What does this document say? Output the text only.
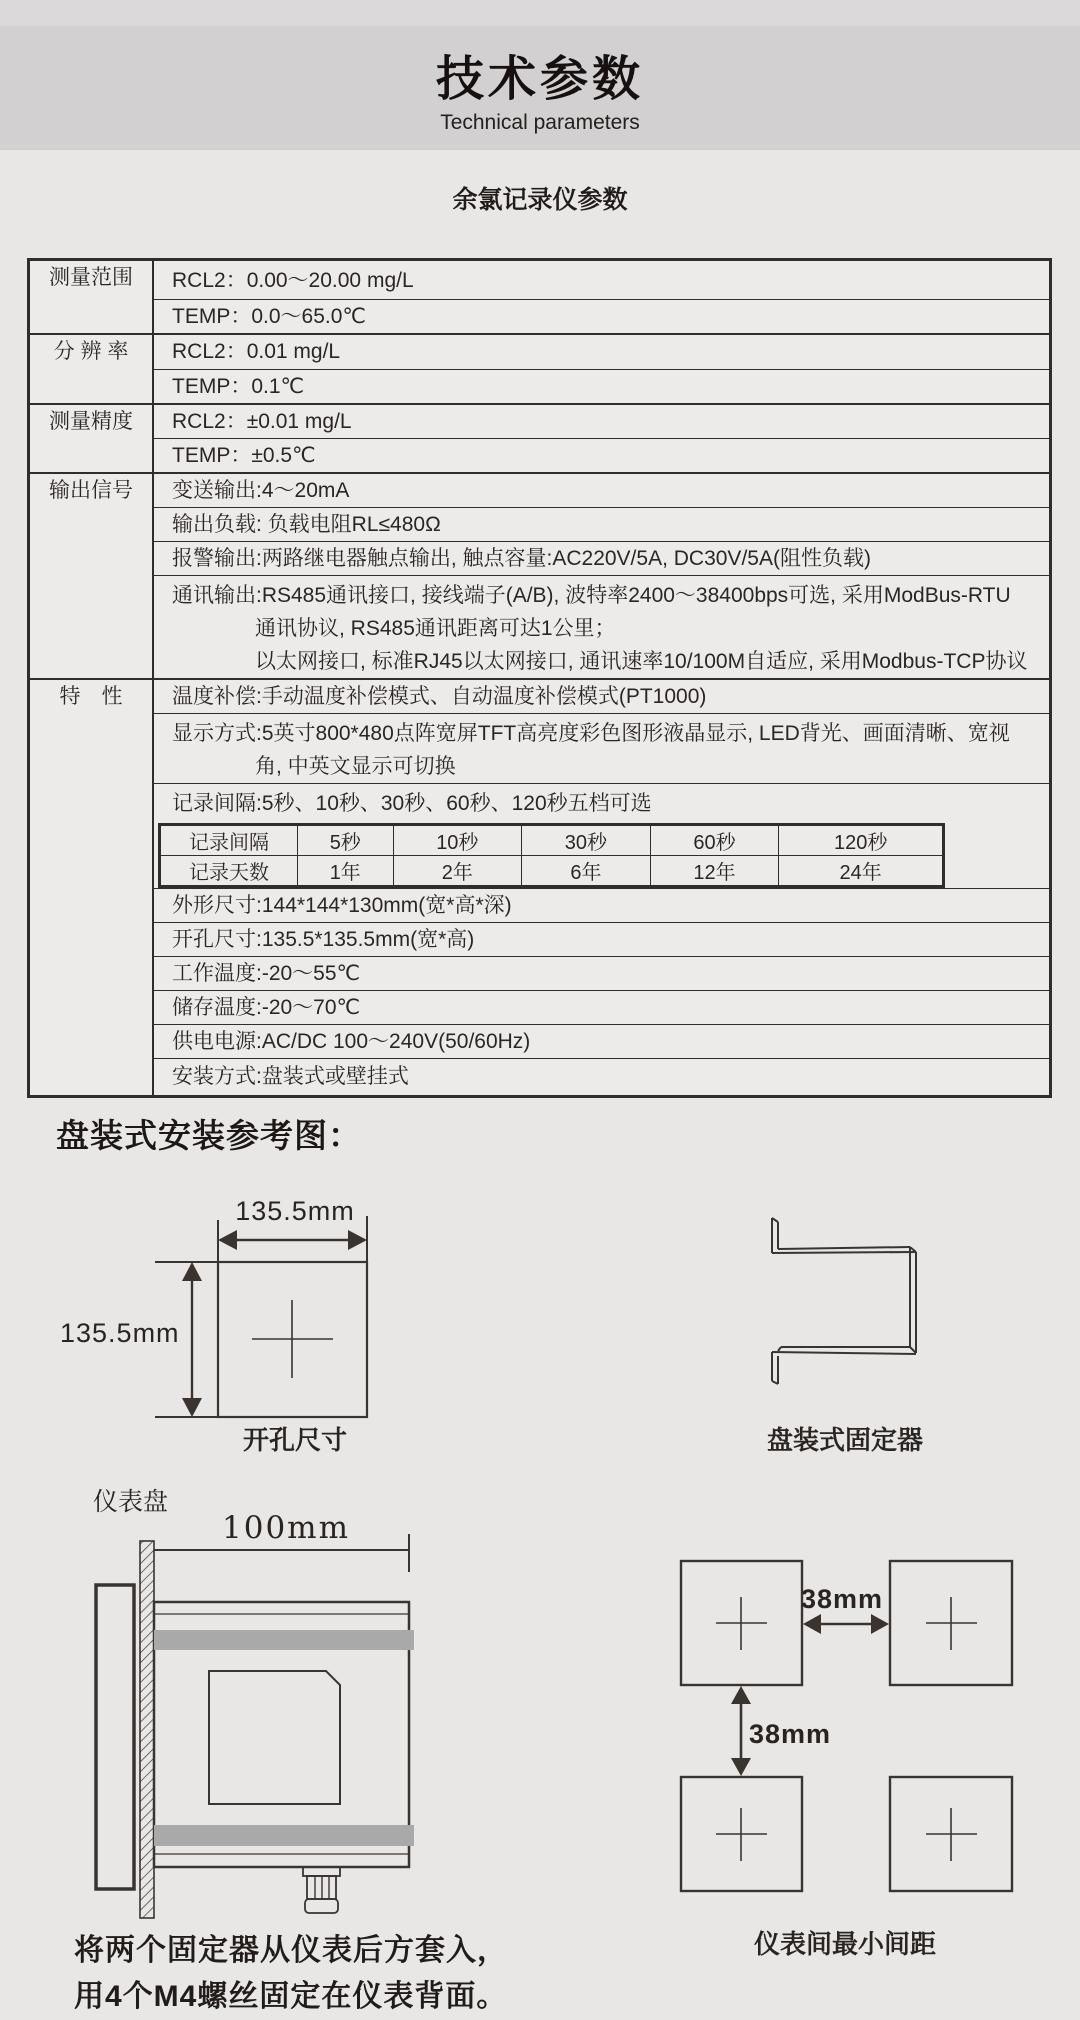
技术参数
Technical parameters
余氯记录仪参数
测量范围	RCL2：0.00～20.00 mg/L

TEMP：0.0～65.0℃

分 辨 率	RCL2：0.01 mg/L

TEMP：0.1℃

测量精度	RCL2：±0.01 mg/L

TEMP：±0.5℃

输出信号	变送输出:4～20mA

输出负载: 负载电阻RL≤480Ω

报警输出:两路继电器触点输出, 触点容量:AC220V/5A, DC30V/5A(阻性负载)

通讯输出:RS485通讯接口, 接线端子(A/B), 波特率2400～38400bps可选, 采用ModBus-RTU
通讯协议, RS485通讯距离可达1公里；
以太网接口, 标准RJ45以太网接口, 通讯速率10/100M自适应, 采用Modbus-TCP协议

特　性	温度补偿:手动温度补偿模式、自动温度补偿模式(PT1000)

显示方式:5英寸800*480点阵宽屏TFT高亮度彩色图形液晶显示, LED背光、画面清晰、宽视
角, 中英文显示可切换

记录间隔:5秒、10秒、30秒、60秒、120秒五档可选
记录间隔	5秒	10秒	30秒	60秒	120秒
记录天数	1年	2年	6年	12年	24年

外形尺寸:144*144*130mm(宽*高*深)

开孔尺寸:135.5*135.5mm(宽*高)

工作温度:-20～55℃

储存温度:-20～70℃

供电电源:AC/DC 100～240V(50/60Hz)

安装方式:盘装式或壁挂式
盘装式安装参考图：
135.5mm
135.5mm
开孔尺寸	盘装式固定器
仪表盘
100mm
38mm
38mm
仪表间最小间距
将两个固定器从仪表后方套入，
用4个M4螺丝固定在仪表背面。
